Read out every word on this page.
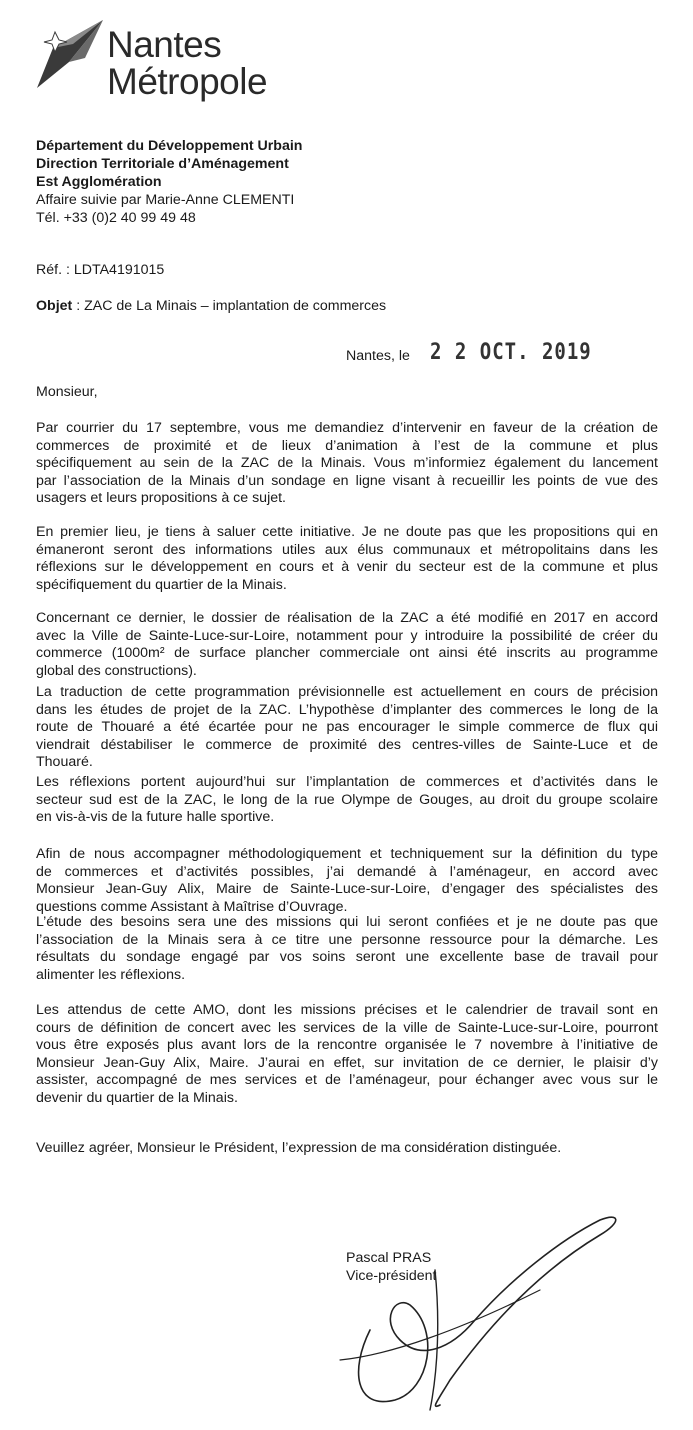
Nantes
Métropole
Département du Développement Urbain
Direction Territoriale d’Aménagement
Est Agglomération
Affaire suivie par Marie-Anne CLEMENTI
Tél. +33 (0)2 40 99 49 48
Réf. : LDTA4191015
Objet : ZAC de La Minais – implantation de commerces
Nantes, le 2 2 OCT. 2019
Monsieur,
Par courrier du 17 septembre, vous me demandiez d’intervenir en faveur de la création de
commerces de proximité et de lieux d’animation à l’est de la commune et plus
spécifiquement au sein de la ZAC de la Minais. Vous m’informiez également du lancement
par l’association de la Minais d’un sondage en ligne visant à recueillir les points de vue des
usagers et leurs propositions à ce sujet.
En premier lieu, je tiens à saluer cette initiative. Je ne doute pas que les propositions qui en
émaneront seront des informations utiles aux élus communaux et métropolitains dans les
réflexions sur le développement en cours et à venir du secteur est de la commune et plus
spécifiquement du quartier de la Minais.
Concernant ce dernier, le dossier de réalisation de la ZAC a été modifié en 2017 en accord
avec la Ville de Sainte-Luce-sur-Loire, notamment pour y introduire la possibilité de créer du
commerce (1000m² de surface plancher commerciale ont ainsi été inscrits au programme
global des constructions).
La traduction de cette programmation prévisionnelle est actuellement en cours de précision
dans les études de projet de la ZAC. L’hypothèse d’implanter des commerces le long de la
route de Thouaré a été écartée pour ne pas encourager le simple commerce de flux qui
viendrait déstabiliser le commerce de proximité des centres-villes de Sainte-Luce et de
Thouaré.
Les réflexions portent aujourd’hui sur l’implantation de commerces et d’activités dans le
secteur sud est de la ZAC, le long de la rue Olympe de Gouges, au droit du groupe scolaire
en vis-à-vis de la future halle sportive.
Afin de nous accompagner méthodologiquement et techniquement sur la définition du type
de commerces et d’activités possibles, j’ai demandé à l’aménageur, en accord avec
Monsieur Jean-Guy Alix, Maire de Sainte-Luce-sur-Loire, d’engager des spécialistes des
questions comme Assistant à Maîtrise d’Ouvrage.
L’étude des besoins sera une des missions qui lui seront confiées et je ne doute pas que
l’association de la Minais sera à ce titre une personne ressource pour la démarche. Les
résultats du sondage engagé par vos soins seront une excellente base de travail pour
alimenter les réflexions.
Les attendus de cette AMO, dont les missions précises et le calendrier de travail sont en
cours de définition de concert avec les services de la ville de Sainte-Luce-sur-Loire, pourront
vous être exposés plus avant lors de la rencontre organisée le 7 novembre à l’initiative de
Monsieur Jean-Guy Alix, Maire. J’aurai en effet, sur invitation de ce dernier, le plaisir d’y
assister, accompagné de mes services et de l’aménageur, pour échanger avec vous sur le
devenir du quartier de la Minais.
Veuillez agréer, Monsieur le Président, l’expression de ma considération distinguée.
Pascal PRAS
Vice-président
